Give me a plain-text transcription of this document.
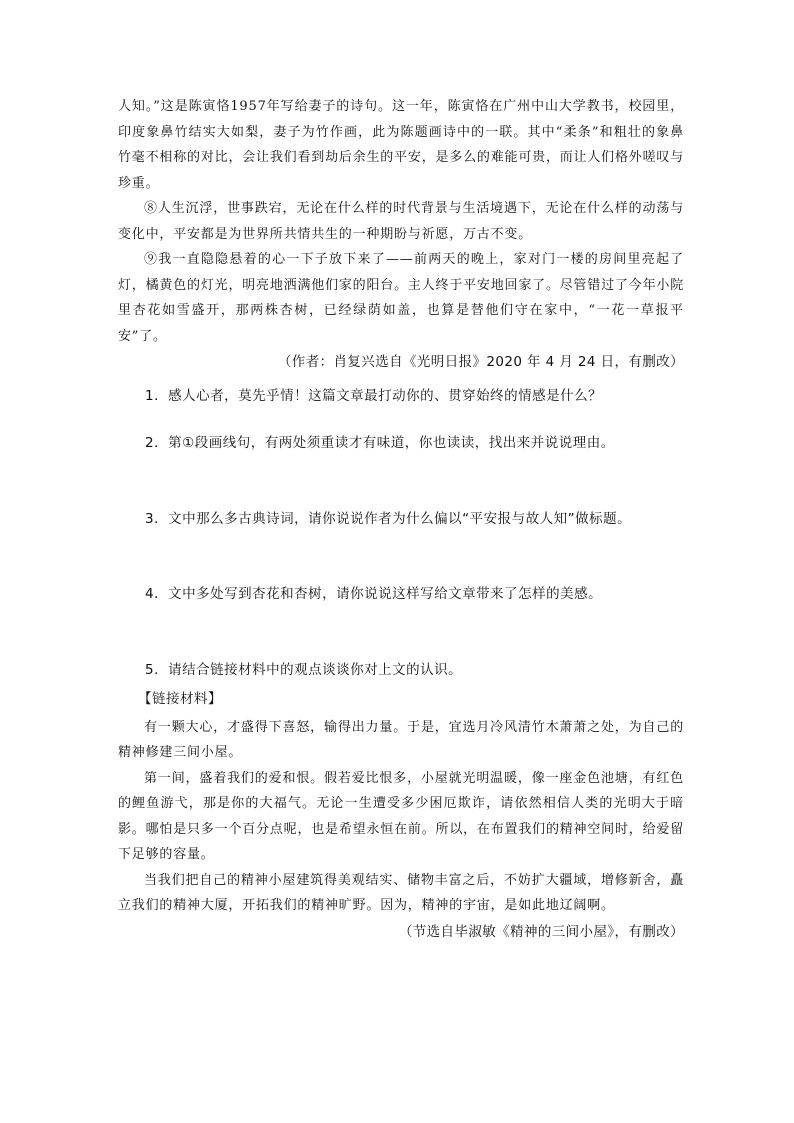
人知。”这是陈寅恪1957年写给妻子的诗句。这一年，陈寅恪在广州中山大学教书，校园里，印度象鼻竹结实大如梨，妻子为竹作画，此为陈题画诗中的一联。其中“柔条”和粗壮的象鼻竹毫不相称的对比，会让我们看到劫后余生的平安，是多么的难能可贵，而让人们格外嗟叹与珍重。

⑧人生沉浮，世事跌宕，无论在什么样的时代背景与生活境遇下，无论在什么样的动荡与变化中，平安都是为世界所共情共生的一种期盼与祈愿，万古不变。

⑨我一直隐隐悬着的心一下子放下来了——前两天的晚上，家对门一楼的房间里亮起了灯，橘黄色的灯光，明亮地洒满他们家的阳台。主人终于平安地回家了。尽管错过了今年小院里杏花如雪盛开，那两株杏树，已经绿荫如盖，也算是替他们守在家中，“一花一草报平安”了。

（作者：肖复兴选自《光明日报》2020 年 4 月 24 日，有删改）

1．感人心者，莫先乎情！这篇文章最打动你的、贯穿始终的情感是什么？

2．第①段画线句，有两处须重读才有味道，你也读读，找出来并说说理由。

3．文中那么多古典诗词，请你说说作者为什么偏以“平安报与故人知”做标题。

4．文中多处写到杏花和杏树，请你说说这样写给文章带来了怎样的美感。

5．请结合链接材料中的观点谈谈你对上文的认识。

【链接材料】

有一颗大心，才盛得下喜怒，输得出力量。于是，宜选月冷风清竹木萧萧之处，为自己的精神修建三间小屋。

第一间，盛着我们的爱和恨。假若爱比恨多，小屋就光明温暖，像一座金色池塘，有红色的鲤鱼游弋，那是你的大福气。无论一生遭受多少困厄欺诈，请依然相信人类的光明大于暗影。哪怕是只多一个百分点呢，也是希望永恒在前。所以，在布置我们的精神空间时，给爱留下足够的容量。

当我们把自己的精神小屋建筑得美观结实、储物丰富之后，不妨扩大疆域，增修新舍，矗立我们的精神大厦，开拓我们的精神旷野。因为，精神的宇宙，是如此地辽阔啊。

（节选自毕淑敏《精神的三间小屋》，有删改）
